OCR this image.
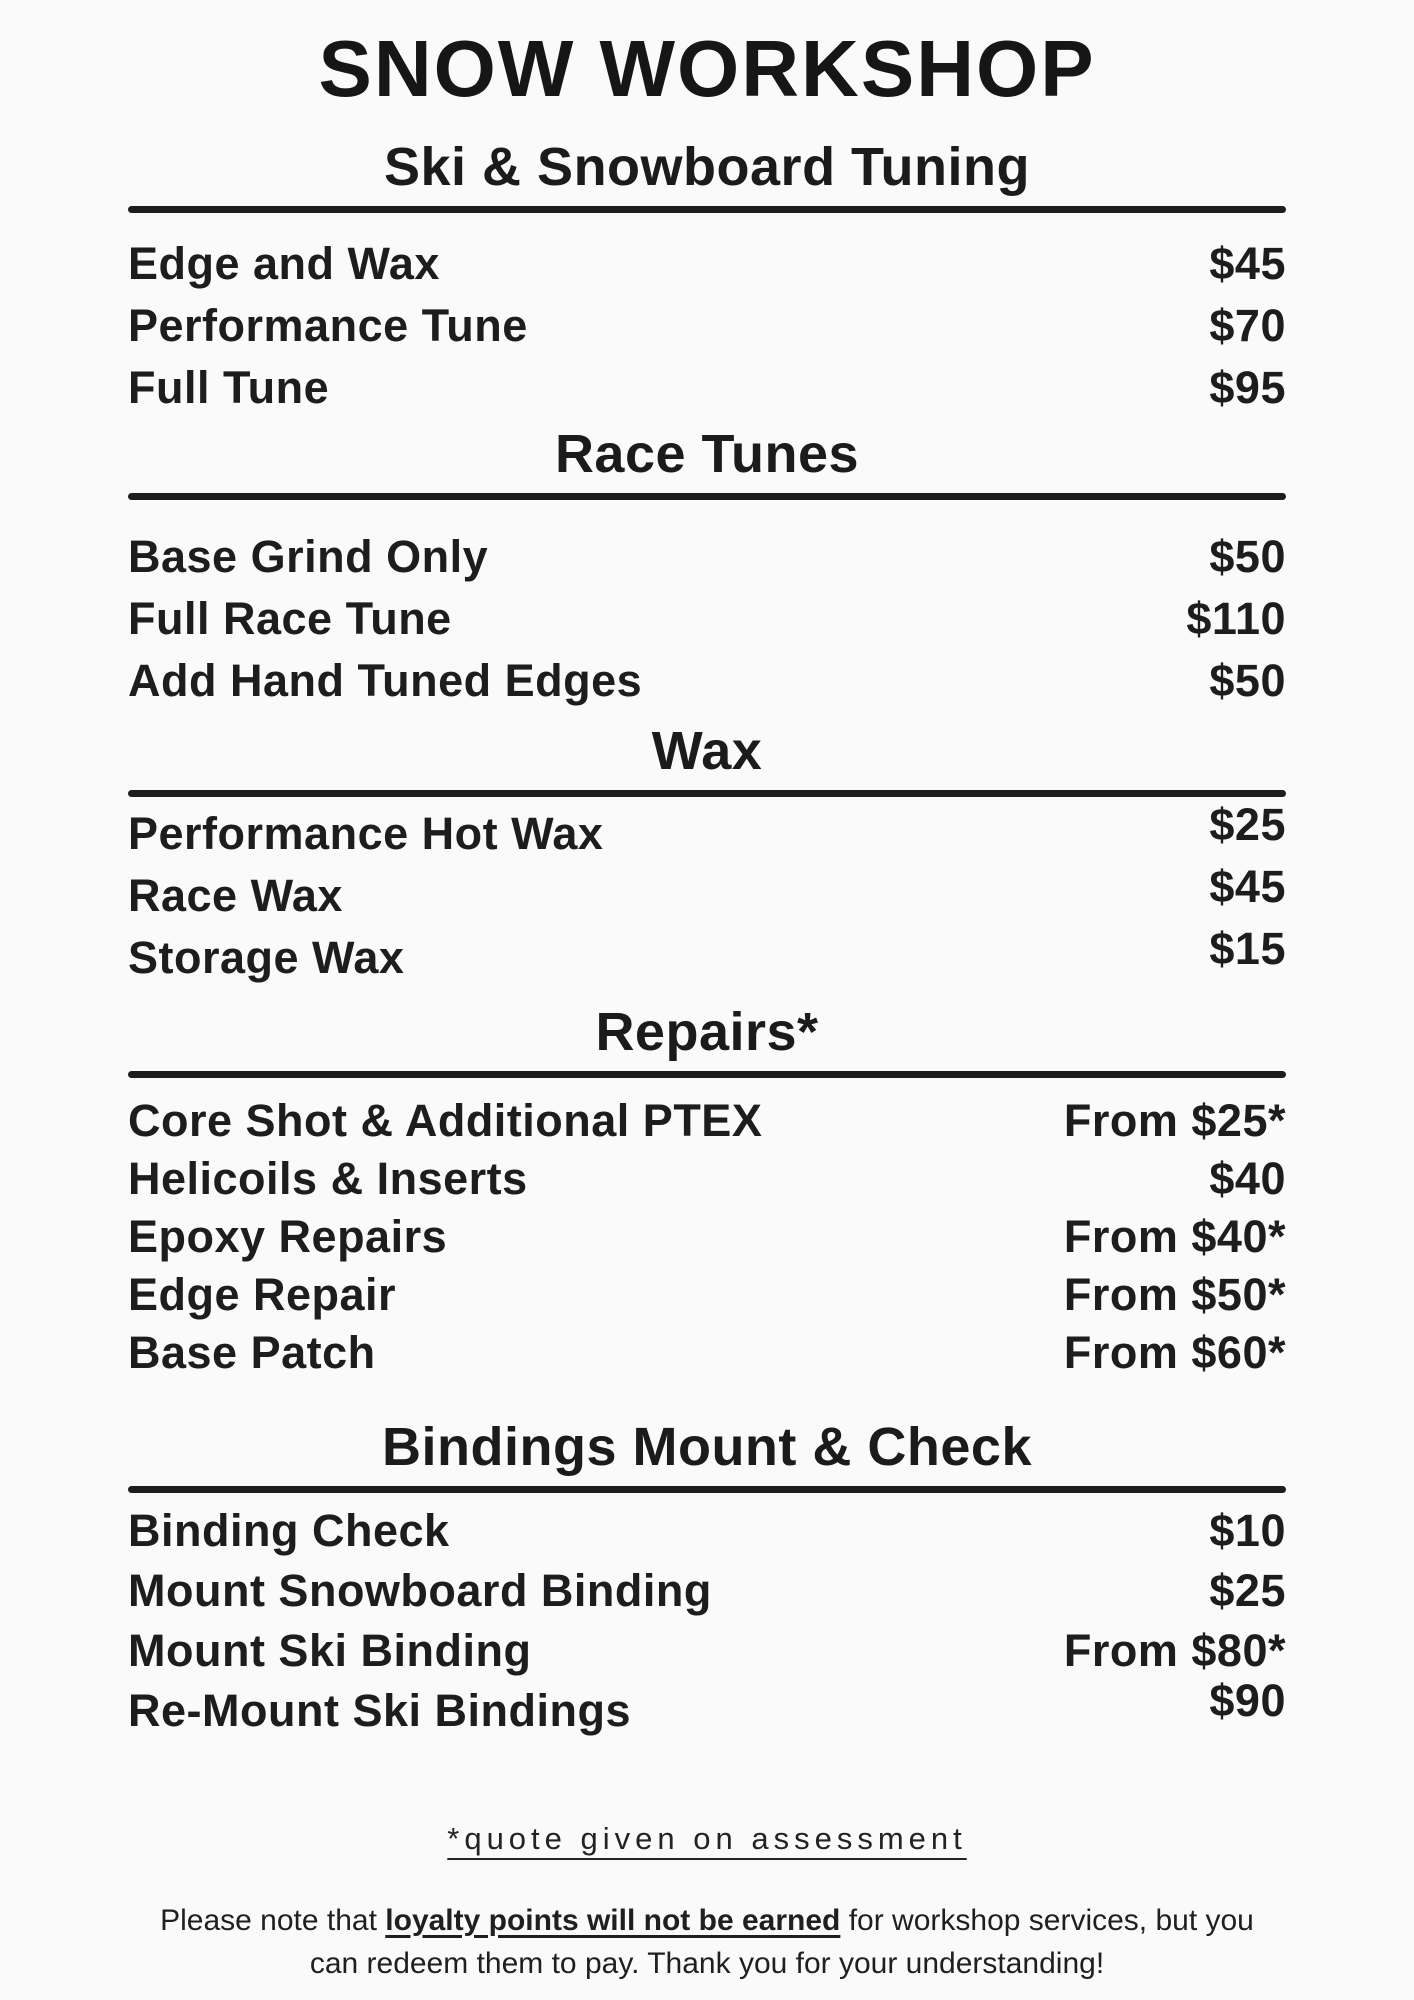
SNOW WORKSHOP
Ski & Snowboard Tuning
Edge and Wax	$45
Performance Tune	$70
Full Tune	$95
Race Tunes
Base Grind Only	$50
Full Race Tune	$110
Add Hand Tuned Edges	$50
Wax
Performance Hot Wax	$25
Race Wax	$45
Storage Wax	$15
Repairs*
Core Shot & Additional PTEX	From $25*
Helicoils & Inserts	$40
Epoxy Repairs	From $40*
Edge Repair	From $50*
Base Patch	From $60*
Bindings Mount & Check
Binding Check	$10
Mount Snowboard Binding	$25
Mount Ski Binding	From $80*
Re-Mount Ski Bindings	$90
*quote given on assessment

Please note that loyalty points will not be earned for workshop services, but you
can redeem them to pay. Thank you for your understanding!
